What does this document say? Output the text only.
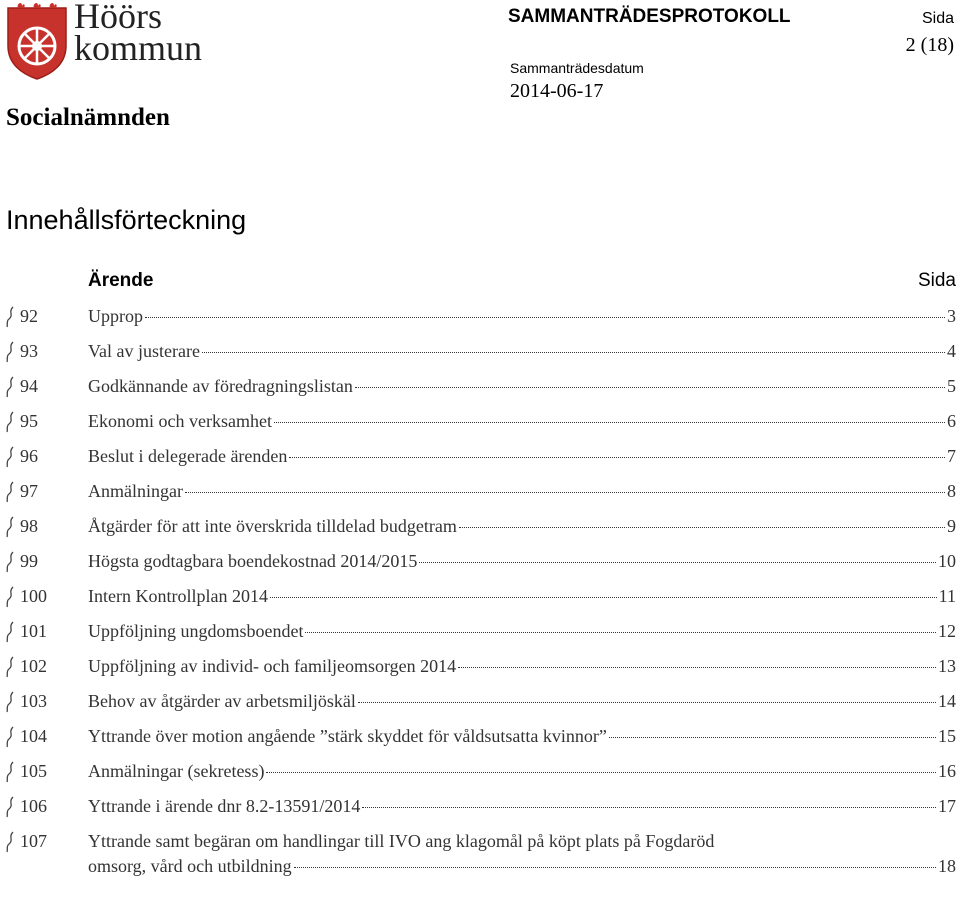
Höörs
kommun
Socialnämnden
SAMMANTRÄDESPROTOKOLL
Sammanträdesdatum
2014-06-17
Sida
2 (18)
Innehållsförteckning
Ärende	Sida
92	Upprop	3
93	Val av justerare	4
94	Godkännande av föredragningslistan	5
95	Ekonomi och verksamhet	6
96	Beslut i delegerade ärenden	7
97	Anmälningar	8
98	Åtgärder för att inte överskrida tilldelad budgetram	9
99	Högsta godtagbara boendekostnad 2014/2015	10
100 Intern Kontrollplan 2014	11
101 Uppföljning ungdomsboendet	12
102 Uppföljning av individ- och familjeomsorgen 2014	13
103 Behov av åtgärder av arbetsmiljöskäl	14
104 Yttrande över motion angående ”stärk skyddet för våldsutsatta kvinnor”	15
105 Anmälningar (sekretess)	16
106 Yttrande i ärende dnr 8.2-13591/2014	17
107 Yttrande samt begäran om handlingar till IVO ang klagomål på köpt plats på Fogdaröd
omsorg, vård och utbildning	18
